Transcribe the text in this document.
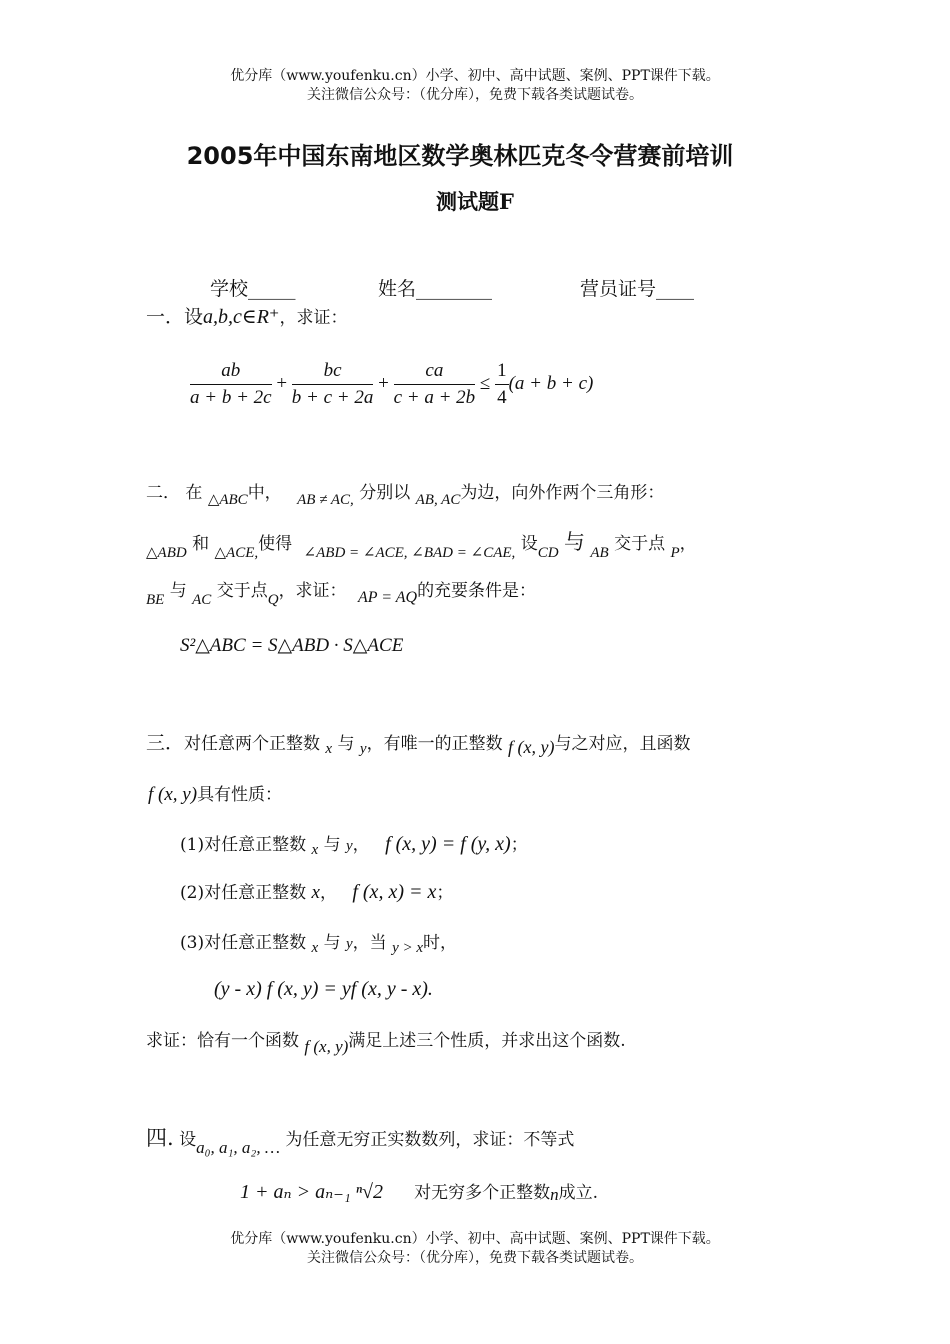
优分库（www.youfenku.cn）小学、初中、高中试题、案例、PPT课件下载。
关注微信公众号：（优分库），免费下载各类试题试卷。
2005年中国东南地区数学奥林匹克冬令营赛前培训
测试题F
学校_____	姓名________	营员证号____
一．设a,b,c∈R⁺，求证：
$\frac{ab}{a + b + 2c} + \frac{bc}{b + c + 2a} + \frac{ca}{c + a + 2b} \le \frac{1}{4} (a + b + c)$
二． 在 △ABC中， AB ≠ AC, 分别以 AB, AC为边，向外作两个三角形：
△ABD 和 △ACE,使得 ∠ABD = ∠ACE, ∠BAD = ∠CAE, 设CD 与 AB 交于点 P，
BE 与 AC 交于点Q，求证： AP = AQ的充要条件是：
S²△ABC = S△ABD · S△ACE
三．对任意两个正整数 x 与 y，有唯一的正整数 f (x, y)与之对应，且函数
f (x, y)具有性质：
(1)对任意正整数 x 与 y， f (x, y) = f (y, x)；
(2)对任意正整数 x， f (x, x) = x；
(3)对任意正整数 x 与 y，当 y > x时，
(y - x) f (x, y) = yf (x, y - x).
求证：恰有一个函数 f (x, y)满足上述三个性质，并求出这个函数.
四. 设a₀, a₁, a₂, … 为任意无穷正实数数列，求证：不等式
1 + aₙ > aₙ₋₁ ⁿ√2 对无穷多个正整数n成立.
优分库（www.youfenku.cn）小学、初中、高中试题、案例、PPT课件下载。
关注微信公众号：（优分库），免费下载各类试题试卷。
